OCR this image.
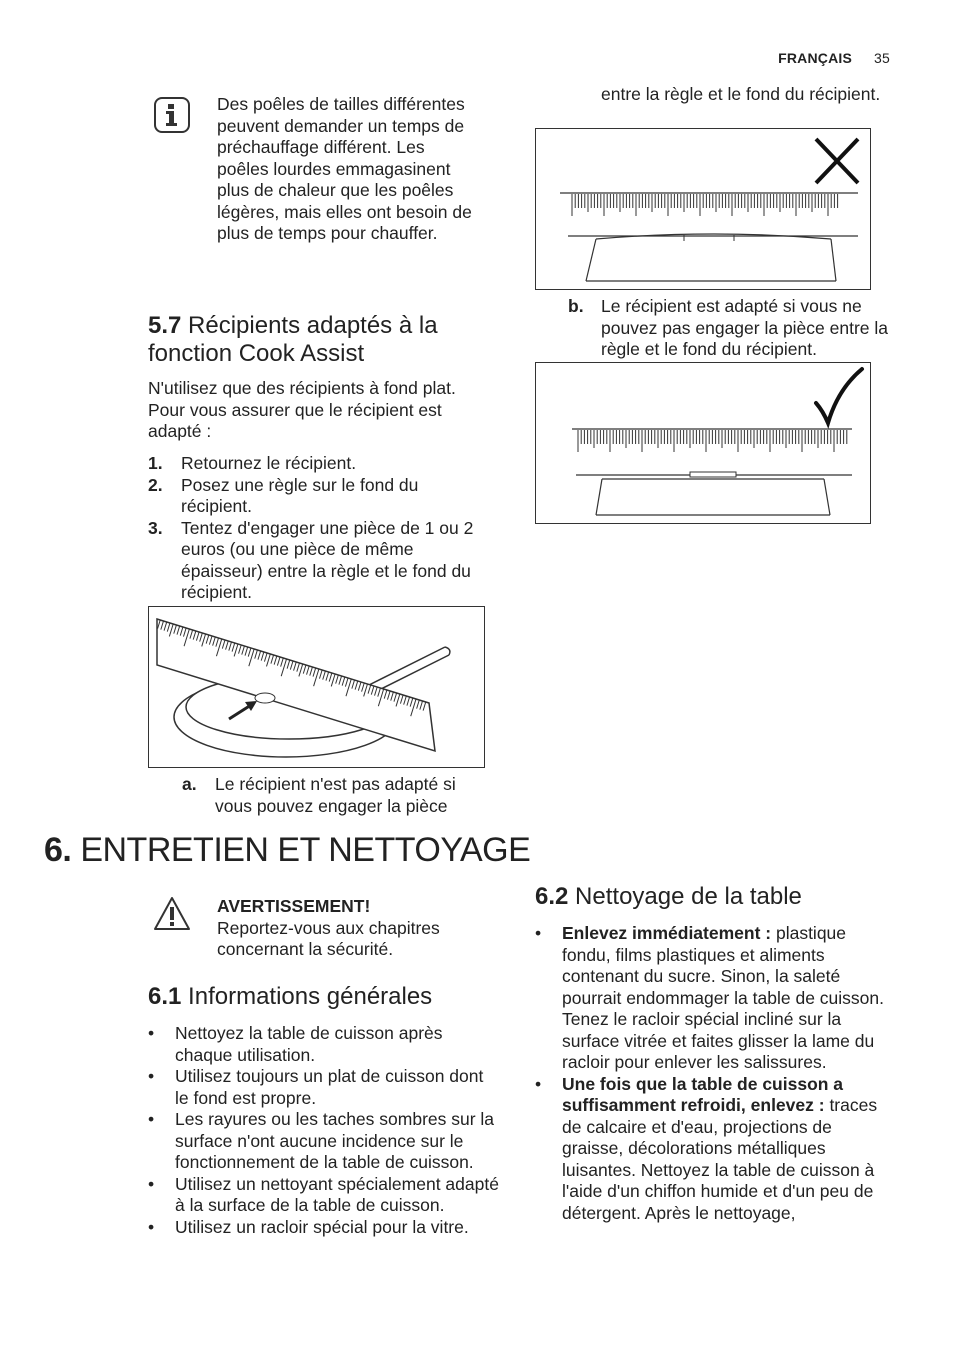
FRANÇAIS 35
Des poêles de tailles différentes peuvent demander un temps de préchauffage différent. Les poêles lourdes emmagasinent plus de chaleur que les poêles légères, mais elles ont besoin de plus de temps pour chauffer.
5.7 Récipients adaptés à la
fonction Cook Assist
N'utilisez que des récipients à fond plat. Pour vous assurer que le récipient est adapté :
1. Retournez le récipient.
2. Posez une règle sur le fond du récipient.
3. Tentez d'engager une pièce de 1 ou 2 euros (ou une pièce de même épaisseur) entre la règle et le fond du récipient.
a. Le récipient n'est pas adapté si vous pouvez engager la pièce
entre la règle et le fond du récipient.
b. Le récipient est adapté si vous ne pouvez pas engager la pièce entre la règle et le fond du récipient.
6. ENTRETIEN ET NETTOYAGE
AVERTISSEMENT!
Reportez-vous aux chapitres concernant la sécurité.
6.1 Informations générales
• Nettoyez la table de cuisson après chaque utilisation.
• Utilisez toujours un plat de cuisson dont le fond est propre.
• Les rayures ou les taches sombres sur la surface n'ont aucune incidence sur le fonctionnement de la table de cuisson.
• Utilisez un nettoyant spécialement adapté à la surface de la table de cuisson.
• Utilisez un racloir spécial pour la vitre.
6.2 Nettoyage de la table
• Enlevez immédiatement : plastique fondu, films plastiques et aliments contenant du sucre. Sinon, la saleté pourrait endommager la table de cuisson. Tenez le racloir spécial incliné sur la surface vitrée et faites glisser la lame du racloir pour enlever les salissures.
• Une fois que la table de cuisson a suffisamment refroidi, enlevez : traces de calcaire et d'eau, projections de graisse, décolorations métalliques luisantes. Nettoyez la table de cuisson à l'aide d'un chiffon humide et d'un peu de détergent. Après le nettoyage,
